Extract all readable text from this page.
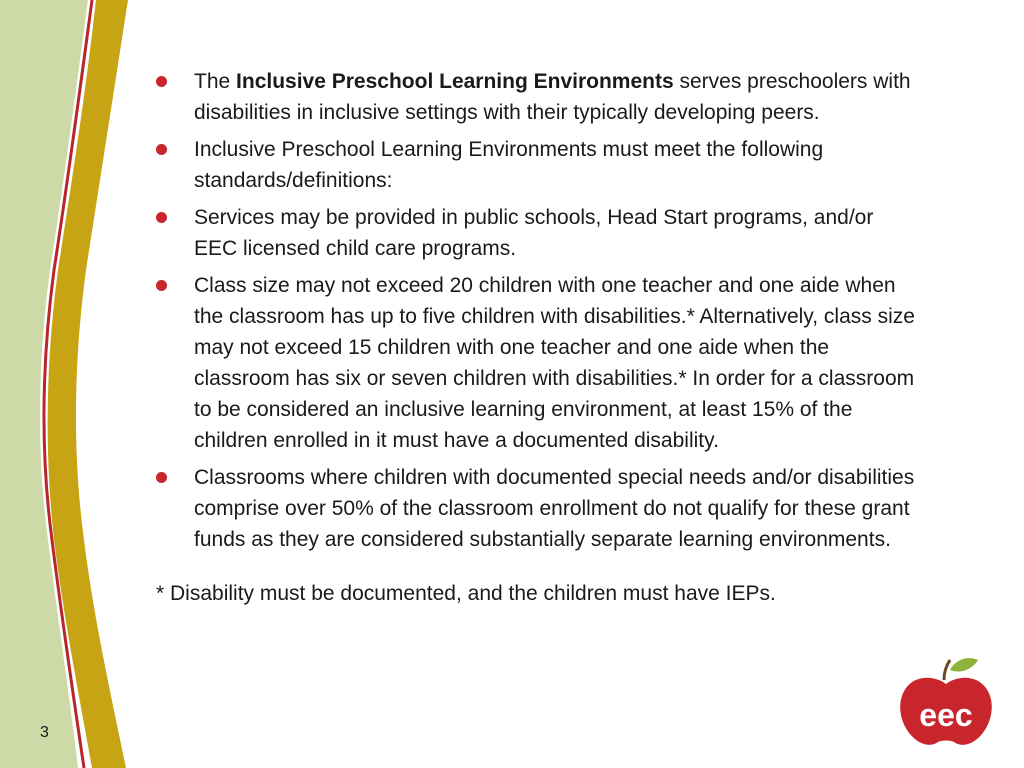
The Inclusive Preschool Learning Environments serves preschoolers with disabilities in inclusive settings with their typically developing peers.
Inclusive Preschool Learning Environments must meet the following standards/definitions:
Services may be provided in public schools, Head Start programs, and/or EEC licensed child care programs.
Class size may not exceed 20 children with one teacher and one aide when the classroom has up to five children with disabilities.* Alternatively, class size may not exceed 15 children with one teacher and one aide when the classroom has six or seven children with disabilities.* In order for a classroom to be considered an inclusive learning environment, at least 15% of the children enrolled in it must have a documented disability.
Classrooms where children with documented special needs and/or disabilities comprise over 50% of the classroom enrollment do not qualify for these grant funds as they are considered substantially separate learning environments.
* Disability must be documented, and the children must have IEPs.
3	eec
